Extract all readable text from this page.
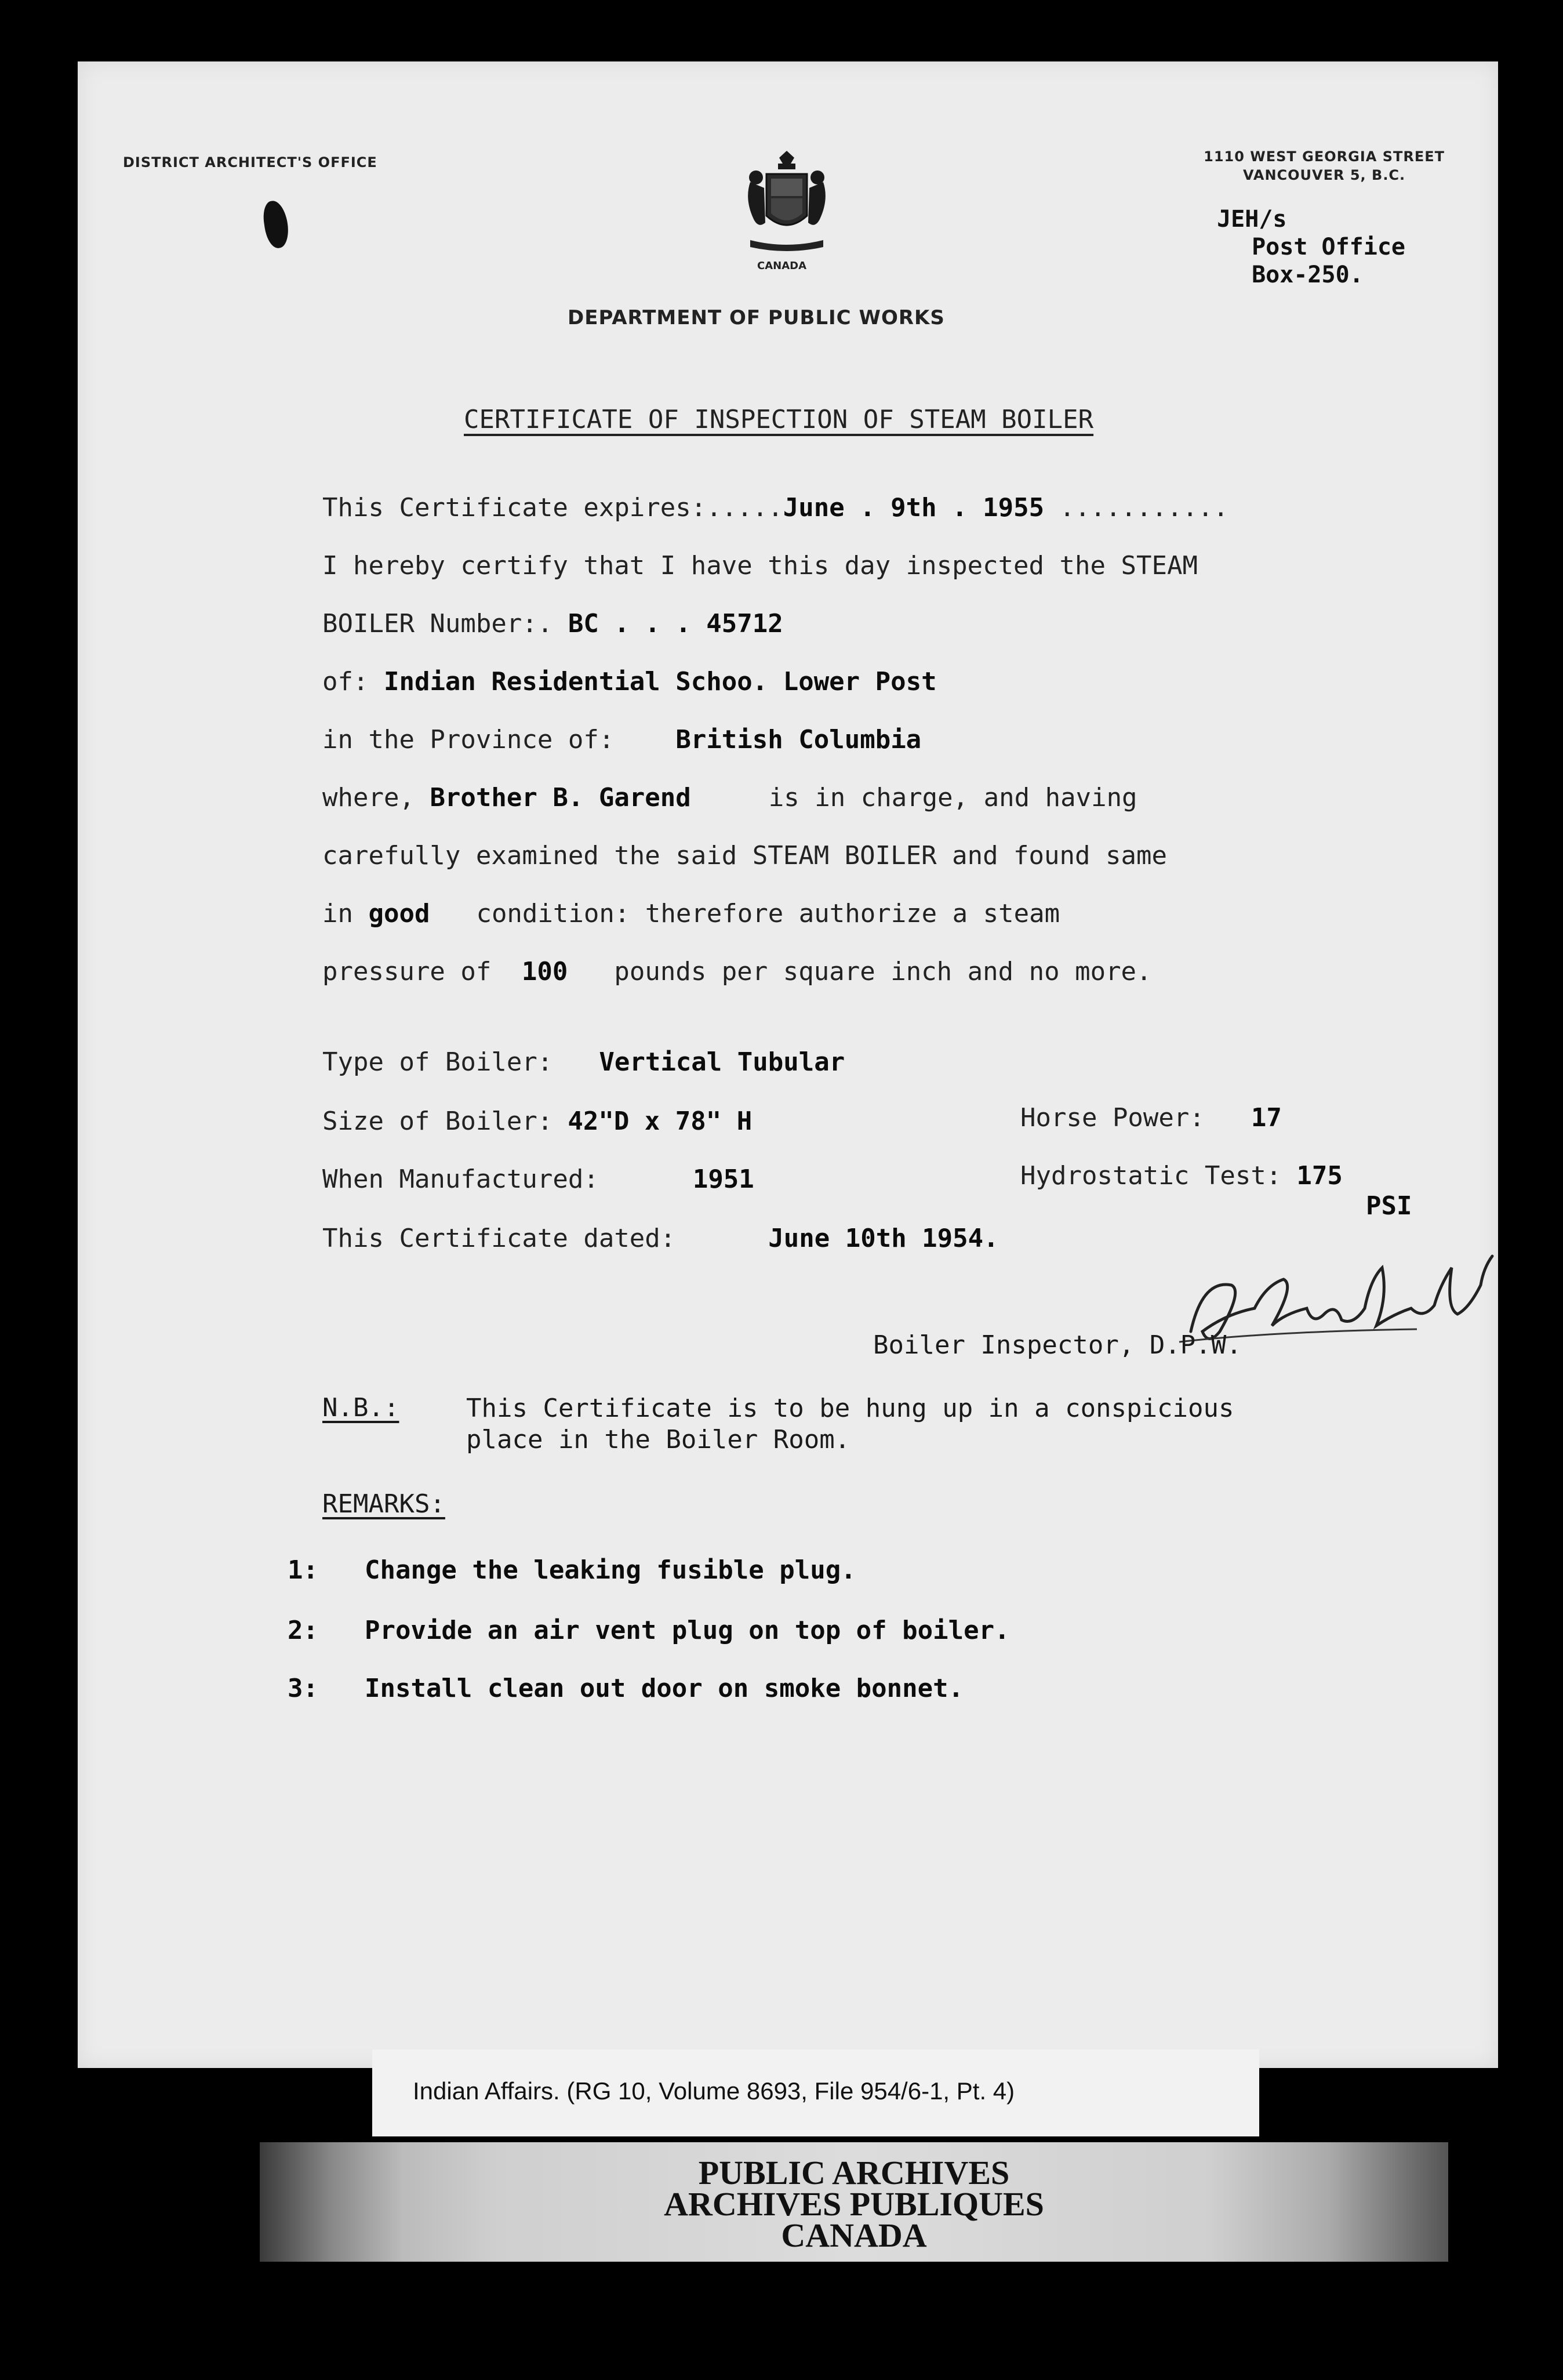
DISTRICT ARCHITECT'S OFFICE	1110 WEST GEORGIA STREET
VANCOUVER 5, B.C.
CANADA
DEPARTMENT OF PUBLIC WORKS
JEH/s
Post Office
Box-250.
CERTIFICATE OF INSPECTION OF STEAM BOILER
This Certificate expires:.....June . 9th . 1955 ...........
I hereby certify that I have this day inspected the STEAM
BOILER Number:. BC . . . 45712
of: Indian Residential Schoo. Lower Post
in the Province of: British Columbia
where, Brother B. Garend	is in charge, and having
carefully examined the said STEAM BOILER and found same
in good condition: therefore authorize a steam
pressure of 100 pounds per square inch and no more.
Type of Boiler: Vertical Tubular
Size of Boiler: 42"D x 78" H	Horse Power: 17
When Manufactured:	1951	Hydrostatic Test: 175
PSI
This Certificate dated:	June 10th 1954.
Boiler Inspector, D.P.W.
N.B.:	This Certificate is to be hung up in a conspicious
place in the Boiler Room.
REMARKS:
1: Change the leaking fusible plug.
2: Provide an air vent plug on top of boiler.
3: Install clean out door on smoke bonnet.
Indian Affairs. (RG 10, Volume 8693, File 954/6-1, Pt. 4)
PUBLIC ARCHIVES
ARCHIVES PUBLIQUES
CANADA
